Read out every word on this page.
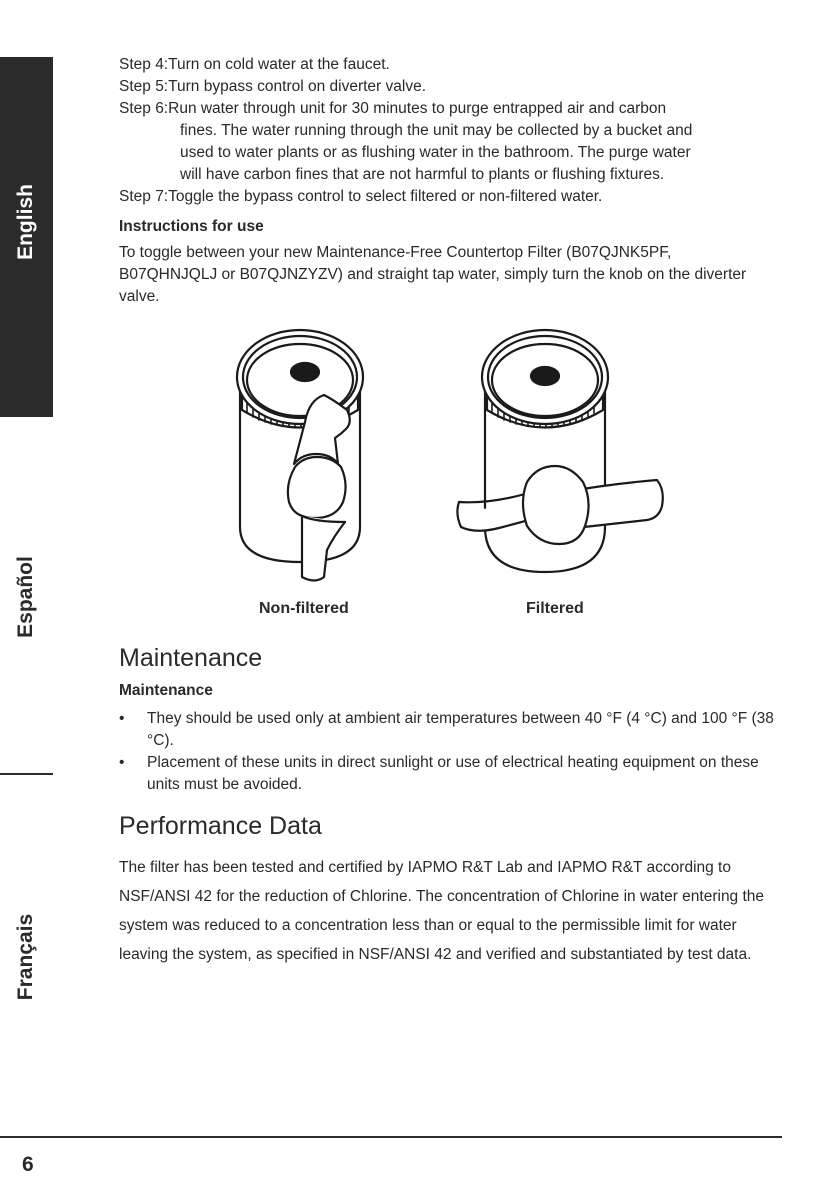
English
Español
Français
Step 4: Turn on cold water at the faucet.
Step 5: Turn bypass control on diverter valve.
Step 6: Run water through unit for 30 minutes to purge entrapped air and carbon
fines. The water running through the unit may be collected by a bucket and
used to water plants or as flushing water in the bathroom. The purge water
will have carbon fines that are not harmful to plants or flushing fixtures.
Step 7: Toggle the bypass control to select filtered or non-filtered water.
Instructions for use
To toggle between your new Maintenance-Free Countertop Filter (B07QJNK5PF, B07QHNJQLJ or B07QJNZYZV) and straight tap water, simply turn the knob on the diverter valve.
Non-filtered	Filtered
Maintenance
Maintenance
•	They should be used only at ambient air temperatures between 40 °F (4 °C) and 100 °F (38 °C).
•	Placement of these units in direct sunlight or use of electrical heating equipment on these units must be avoided.
Performance Data
The filter has been tested and certified by IAPMO R&T Lab and IAPMO R&T according to NSF/ANSI 42 for the reduction of Chlorine. The concentration of Chlorine in water entering the system was reduced to a concentration less than or equal to the permissible limit for water leaving the system, as specified in NSF/ANSI 42 and verified and substantiated by test data.
6
